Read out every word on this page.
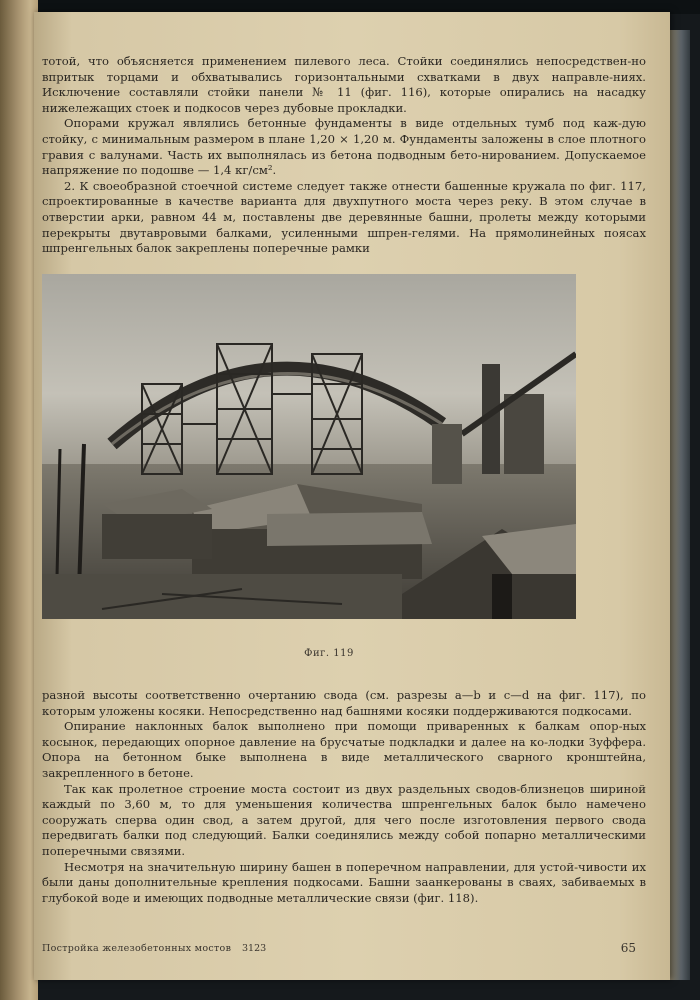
тотой, что объясняется применением пилевого леса. Стойки соединялись непосредствен-но впритык торцами и обхватывались горизонтальными схватками в двух направле-ниях. Исключение составляли стойки панели № 11 (фиг. 116), которые опирались на насадку нижележащих стоек и подкосов через дубовые прокладки.

Опорами кружал являлись бетонные фундаменты в виде отдельных тумб под каж-дую стойку, с минимальным размером в плане 1,20 × 1,20 м. Фундаменты заложены в слое плотного гравия с валунами. Часть их выполнялась из бетона подводным бето-нированием. Допускаемое напряжение по подошве — 1,4 кг/см².

2. К своеобразной стоечной системе следует также отнести башенные кружала по фиг. 117, спроектированные в качестве варианта для двухпутного моста через реку. В этом случае в отверстии арки, равном 44 м, поставлены две деревянные башни, пролеты между которыми перекрыты двутавровыми балками, усиленными шпрен-гелями. На прямолинейных поясах шпренгельных балок закреплены поперечные рамки

Фиг. 119

разной высоты соответственно очертанию свода (см. разрезы а—b и с—d на фиг. 117), по которым уложены косяки. Непосредственно над башнями косяки поддерживаются подкосами.

Опирание наклонных балок выполнено при помощи приваренных к балкам опор-ных косынок, передающих опорное давление на брусчатые подкладки и далее на ко-лодки Зуффера. Опора на бетонном быке выполнена в виде металлического сварного кронштейна, закрепленного в бетоне.

Так как пролетное строение моста состоит из двух раздельных сводов-близнецов шириной каждый по 3,60 м, то для уменьшения количества шпренгельных балок было намечено сооружать сперва один свод, а затем другой, для чего после изготовления первого свода передвигать балки под следующий. Балки соединялись между собой попарно металлическими поперечными связями.

Несмотря на значительную ширину башен в поперечном направлении, для устой-чивости их были даны дополнительные крепления подкосами. Башни заанкерованы в сваях, забиваемых в глубокой воде и имеющих подводные металлические связи (фиг. 118).

Постройка железобетонных мостов 3123	65
